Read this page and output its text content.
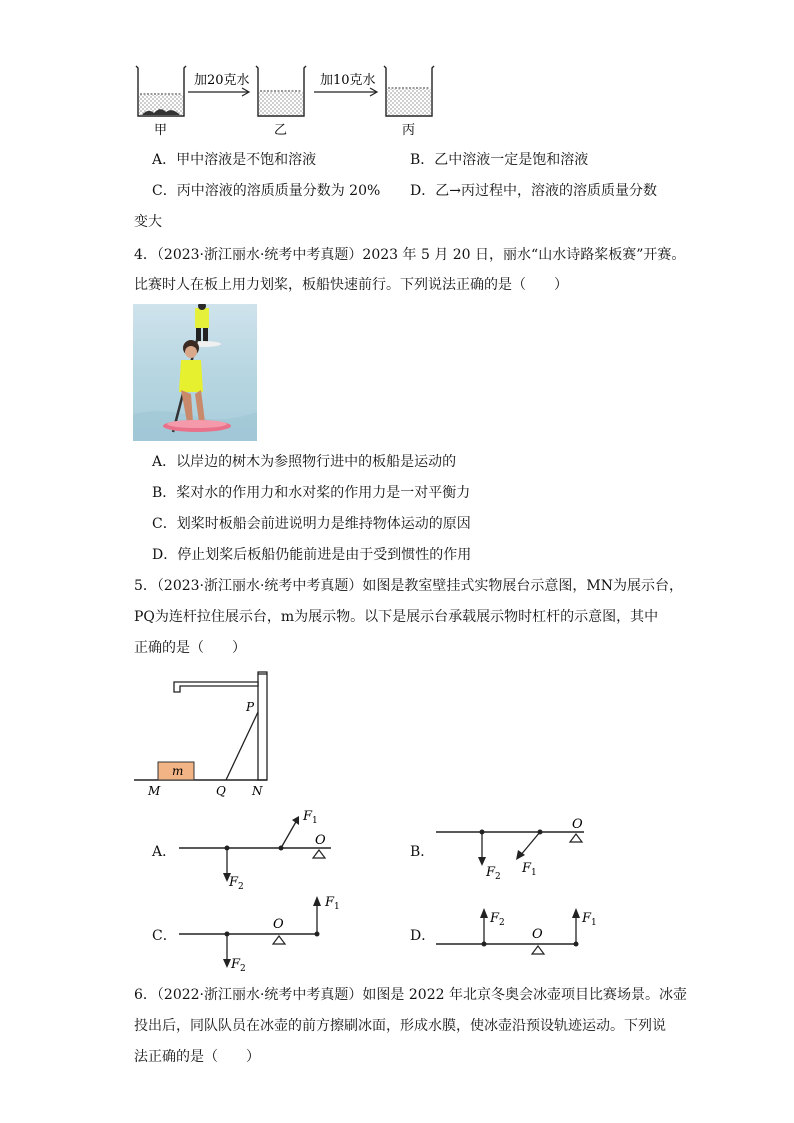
加20克水	加10克水
甲	乙	丙
A．甲中溶液是不饱和溶液	B．乙中溶液一定是饱和溶液
C．丙中溶液的溶质质量分数为 20% D．乙→丙过程中，溶液的溶质质量分数
变大
4．（2023·浙江丽水·统考中考真题）2023 年 5 月 20 日，丽水“山水诗路桨板赛”开赛。
比赛时人在板上用力划桨，板船快速前行。下列说法正确的是（　　）
A．以岸边的树木为参照物行进中的板船是运动的
B．桨对水的作用力和水对桨的作用力是一对平衡力
C．划桨时板船会前进说明力是维持物体运动的原因
D．停止划桨后板船仍能前进是由于受到惯性的作用
5．（2023·浙江丽水·统考中考真题）如图是教室壁挂式实物展台示意图，MN为展示台，
PQ为连杆拉住展示台，m为展示物。以下是展示台承载展示物时杠杆的示意图，其中
正确的是（　　）
m
P
M	Q N
A．
$F_1$
$F_2$
O
B．
$F_1$
$F_2$
O
C．
$F_1$
$F_2$
O
D．
$F_2$	$F_1$
O
6．（2022·浙江丽水·统考中考真题）如图是 2022 年北京冬奥会冰壶项目比赛场景。冰壶
投出后，同队队员在冰壶的前方擦刷冰面，形成水膜，使冰壶沿预设轨迹运动。下列说
法正确的是（　　）
